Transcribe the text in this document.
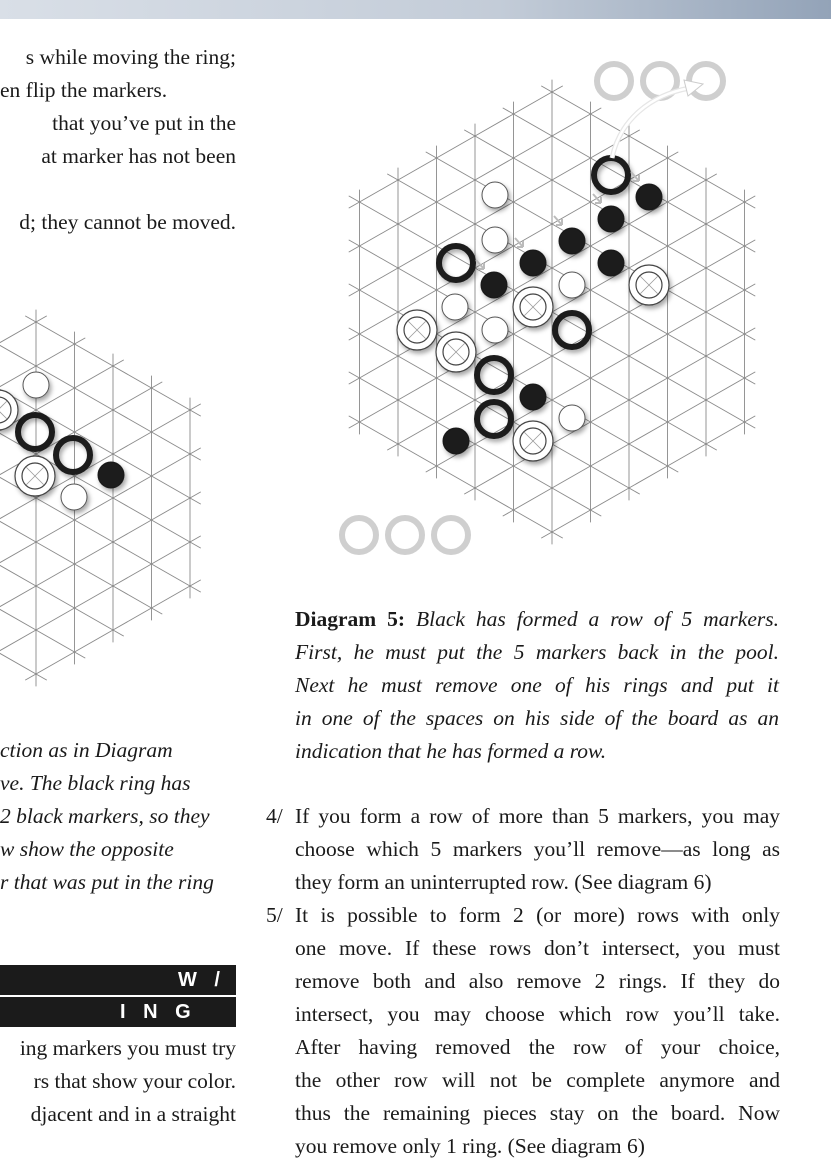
s while moving the ring;
en flip the markers.
that you’ve put in the
at marker has not been
d; they cannot be moved.
ction as in Diagram
ve. The black ring has
2 black markers, so they
w show the opposite
r that was put in the ring
W /
I N G
ing markers you must try
rs that show your color.
djacent and in a straight
Diagram 5: Black has formed a row of 5 markers.
First, he must put the 5 markers back in the pool.
Next he must remove one of his rings and put it
in one of the spaces on his side of the board as an
indication that he has formed a row.
4/ If you form a row of more than 5 markers, you may
choose which 5 markers you’ll remove—as long as
they form an uninterrupted row. (See diagram 6)
5/ It is possible to form 2 (or more) rows with only
one move. If these rows don’t intersect, you must
remove both and also remove 2 rings. If they do
intersect, you may choose which row you’ll take.
After having removed the row of your choice,
the other row will not be complete anymore and
thus the remaining pieces stay on the board. Now
you remove only 1 ring. (See diagram 6)
